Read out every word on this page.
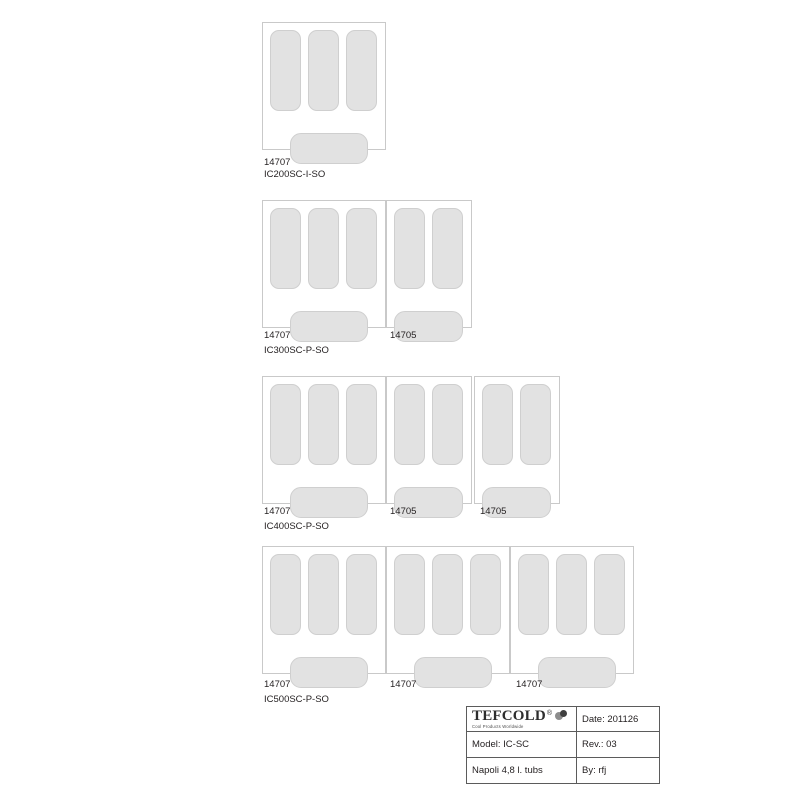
14707
IC200SC-I-SO
14707	14705
IC300SC-P-SO
14707	14705	14705
IC400SC-P-SO
14707	14707	14707
IC500SC-P-SO
TEFCOLD ®
Cool Products Worldwide
Date: 201126
Model: IC-SC	Rev.: 03
Napoli 4,8 l. tubs	By: rfj
